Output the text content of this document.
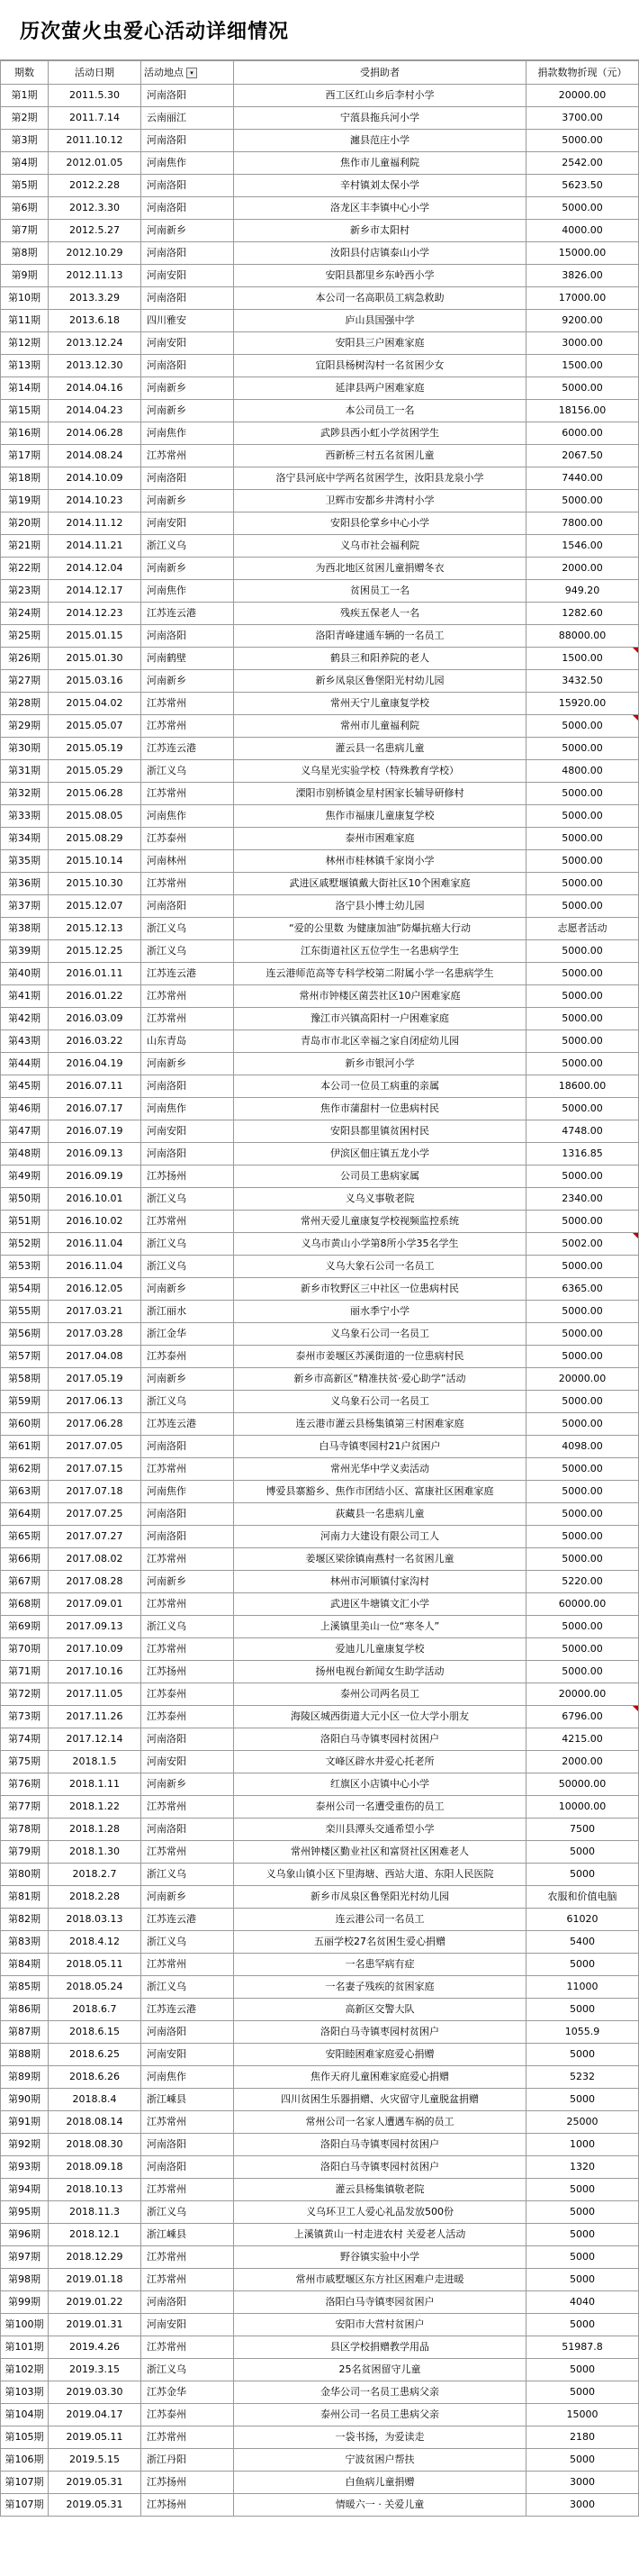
历次萤火虫爱心活动详细情况
期数	活动日期	活动地点 ▾	受捐助者	捐款数物折现（元）
第1期	2011.5.30	河南洛阳	西工区红山乡后李村小学	20000.00
第2期	2011.7.14	云南丽江	宁蒗县拖兵河小学	3700.00
第3期	2011.10.12	河南洛阳	瀍县范庄小学	5000.00
第4期	2012.01.05	河南焦作	焦作市儿童福利院	2542.00
第5期	2012.2.28	河南洛阳	辛村镇刘太保小学	5623.50
第6期	2012.3.30	河南洛阳	洛龙区丰李镇中心小学	5000.00
第7期	2012.5.27	河南新乡	新乡市太阳村	4000.00
第8期	2012.10.29	河南洛阳	汝阳县付店镇泰山小学	15000.00
第9期	2012.11.13	河南安阳	安阳县都里乡东岭西小学	3826.00
第10期	2013.3.29	河南洛阳	本公司一名高职员工病急救助	17000.00
第11期	2013.6.18	四川雅安	庐山县国强中学	9200.00
第12期	2013.12.24	河南安阳	安阳县三户困难家庭	3000.00
第13期	2013.12.30	河南洛阳	宜阳县杨树沟村一名贫困少女	1500.00
第14期	2014.04.16	河南新乡	延津县两户困难家庭	5000.00
第15期	2014.04.23	河南新乡	本公司员工一名	18156.00
第16期	2014.06.28	河南焦作	武陟县西小虹小学贫困学生	6000.00
第17期	2014.08.24	江苏常州	西新桥三村五名贫困儿童	2067.50
第18期	2014.10.09	河南洛阳	洛宁县河底中学两名贫困学生，汝阳县龙泉小学	7440.00
第19期	2014.10.23	河南新乡	卫辉市安都乡井湾村小学	5000.00
第20期	2014.11.12	河南安阳	安阳县伦掌乡中心小学	7800.00
第21期	2014.11.21	浙江义乌	义乌市社会福利院	1546.00
第22期	2014.12.04	河南新乡	为西北地区贫困儿童捐赠冬衣	2000.00
第23期	2014.12.17	河南焦作	贫困员工一名	949.20
第24期	2014.12.23	江苏连云港	残疾五保老人一名	1282.60
第25期	2015.01.15	河南洛阳	洛阳青峰建通车辆的一名员工	88000.00
第26期	2015.01.30	河南鹤壁	鹤县三和阳养院的老人	1500.00
第27期	2015.03.16	河南新乡	新乡凤泉区鲁堡阳光村幼儿园	3432.50
第28期	2015.04.02	江苏常州	常州天宁儿童康复学校	15920.00
第29期	2015.05.07	江苏常州	常州市儿童福利院	5000.00
第30期	2015.05.19	江苏连云港	灌云县一名患病儿童	5000.00
第31期	2015.05.29	浙江义乌	义乌星光实验学校（特殊教育学校）	4800.00
第32期	2015.06.28	江苏常州	溧阳市别桥镇金星村困家长辅导研修村	5000.00
第33期	2015.08.05	河南焦作	焦作市福康儿童康复学校	5000.00
第34期	2015.08.29	江苏泰州	泰州市困难家庭	5000.00
第35期	2015.10.14	河南林州	林州市桂林镇千家岗小学	5000.00
第36期	2015.10.30	江苏常州	武进区戚墅堰镇戴大街社区10个困难家庭	5000.00
第37期	2015.12.07	河南洛阳	洛宁县小博士幼儿园	5000.00
第38期	2015.12.13	浙江义乌	“爱的公里数 为健康加油”防爆抗癌大行动	志愿者活动
第39期	2015.12.25	浙江义乌	江东街道社区五位学生一名患病学生	5000.00
第40期	2016.01.11	江苏连云港	连云港师范高等专科学校第二附属小学一名患病学生	5000.00
第41期	2016.01.22	江苏常州	常州市钟楼区菌芸社区10户困难家庭	5000.00
第42期	2016.03.09	江苏常州	豫江市兴镇高阳村一户困难家庭	5000.00
第43期	2016.03.22	山东青岛	青岛市市北区幸福之家自闭症幼儿园	5000.00
第44期	2016.04.19	河南新乡	新乡市银河小学	5000.00
第45期	2016.07.11	河南洛阳	本公司一位员工病重的亲属	18600.00
第46期	2016.07.17	河南焦作	焦作市蒲甜村一位患病村民	5000.00
第47期	2016.07.19	河南安阳	安阳县都里镇贫困村民	4748.00
第48期	2016.09.13	河南洛阳	伊滨区佃庄镇五龙小学	1316.85
第49期	2016.09.19	江苏扬州	公司员工患病家属	5000.00
第50期	2016.10.01	浙江义乌	义乌义事敬老院	2340.00
第51期	2016.10.02	江苏常州	常州天爱儿童康复学校视频监控系统	5000.00
第52期	2016.11.04	浙江义乌	义乌市黄山小学第8所小学35名学生	5002.00
第53期	2016.11.04	浙江义乌	义乌大象石公司一名员工	5000.00
第54期	2016.12.05	河南新乡	新乡市牧野区三中社区一位患病村民	6365.00
第55期	2017.03.21	浙江丽水	丽水季宁小学	5000.00
第56期	2017.03.28	浙江金华	义乌象石公司一名员工	5000.00
第57期	2017.04.08	江苏泰州	泰州市姜堰区苏溪街道的一位患病村民	5000.00
第58期	2017.05.19	河南新乡	新乡市高新区“精准扶贫·爱心助学”活动	20000.00
第59期	2017.06.13	浙江义乌	义乌象石公司一名员工	5000.00
第60期	2017.06.28	江苏连云港	连云港市灌云县杨集镇第三村困难家庭	5000.00
第61期	2017.07.05	河南洛阳	白马寺镇枣园村21户贫困户	4098.00
第62期	2017.07.15	江苏常州	常州光华中学义卖活动	5000.00
第63期	2017.07.18	河南焦作	博爱县寨豁乡、焦作市团结小区、富康社区困难家庭	5000.00
第64期	2017.07.25	河南洛阳	荻藏县一名患病儿童	5000.00
第65期	2017.07.27	河南洛阳	河南力大建设有限公司工人	5000.00
第66期	2017.08.02	江苏常州	姜堰区梁徐镇南燕村一名贫困儿童	5000.00
第67期	2017.08.28	河南新乡	林州市河顺镇付家沟村	5220.00
第68期	2017.09.01	江苏常州	武进区牛塘镇文汇小学	60000.00
第69期	2017.09.13	浙江义乌	上溪镇里美山一位“寒冬人”	5000.00
第70期	2017.10.09	江苏常州	爱迪儿儿童康复学校	5000.00
第71期	2017.10.16	江苏扬州	扬州电视台新闻女生助学活动	5000.00
第72期	2017.11.05	江苏泰州	泰州公司两名员工	20000.00
第73期	2017.11.26	江苏泰州	海陵区城西街道大元小区一位大学小朋友	6796.00
第74期	2017.12.14	河南洛阳	洛阳白马寺镇枣园村贫困户	4215.00
第75期	2018.1.5	河南安阳	文峰区辟水井爱心托老所	2000.00
第76期	2018.1.11	河南新乡	红旗区小店镇中心小学	50000.00
第77期	2018.1.22	江苏常州	泰州公司一名遭受重伤的员工	10000.00
第78期	2018.1.28	河南洛阳	栾川县潭头交通希望小学	7500
第79期	2018.1.30	江苏常州	常州钟楼区勤业社区和富贤社区困难老人	5000
第80期	2018.2.7	浙江义乌	义乌象山镇小区下里海塘、西站大道、东阳人民医院	5000
第81期	2018.2.28	河南新乡	新乡市凤泉区鲁堡阳光村幼儿园	农服和价值电脑
第82期	2018.03.13	江苏连云港	连云港公司一名员工	61020
第83期	2018.4.12	浙江义乌	五丽学校27名贫困生爱心捐赠	5400
第84期	2018.05.11	江苏常州	一名患罕病有症	5000
第85期	2018.05.24	浙江义乌	一名妻子残疾的贫困家庭	11000
第86期	2018.6.7	江苏连云港	高新区交警大队	5000
第87期	2018.6.15	河南洛阳	洛阳白马寺镇枣园村贫困户	1055.9
第88期	2018.6.25	河南安阳	安阳睦困难家庭爱心捐赠	5000
第89期	2018.6.26	河南焦作	焦作天府儿童困难家庭爱心捐赠	5232
第90期	2018.8.4	浙江嵊县	四川贫困生乐器捐赠、火灾留守儿童脱盆捐赠	5000
第91期	2018.08.14	江苏常州	常州公司一名家人遭遇车祸的员工	25000
第92期	2018.08.30	河南洛阳	洛阳白马寺镇枣园村贫困户	1000
第93期	2018.09.18	河南洛阳	洛阳白马寺镇枣园村贫困户	1320
第94期	2018.10.13	江苏常州	灌云县杨集镇敬老院	5000
第95期	2018.11.3	浙江义乌	义乌环卫工人爱心礼品发放500份	5000
第96期	2018.12.1	浙江嵊县	上溪镇黄山一村走进农村 关爱老人活动	5000
第97期	2018.12.29	江苏常州	野谷镇实验中小学	5000
第98期	2019.01.18	江苏常州	常州市戚墅堰区东方社区困难户走进暖	5000
第99期	2019.01.22	河南洛阳	洛阳白马寺镇枣园贫困户	4040
第100期	2019.01.31	河南安阳	安阳市大营村贫困户	5000
第101期	2019.4.26	江苏常州	县区学校捐赠教学用品	51987.8
第102期	2019.3.15	浙江义乌	25名贫困留守儿童	5000
第103期	2019.03.30	江苏金华	金华公司一名员工患病父亲	5000
第104期	2019.04.17	江苏泰州	泰州公司一名员工患病父亲	15000
第105期	2019.05.11	江苏常州	一袋书扬，为爱读走	2180
第106期	2019.5.15	浙江丹阳	宁波贫困户帮扶	5000
第107期	2019.05.31	江苏扬州	白鱼病儿童捐赠	3000
第107期	2019.05.31	江苏扬州	情暖六一 · 关爱儿童	3000
